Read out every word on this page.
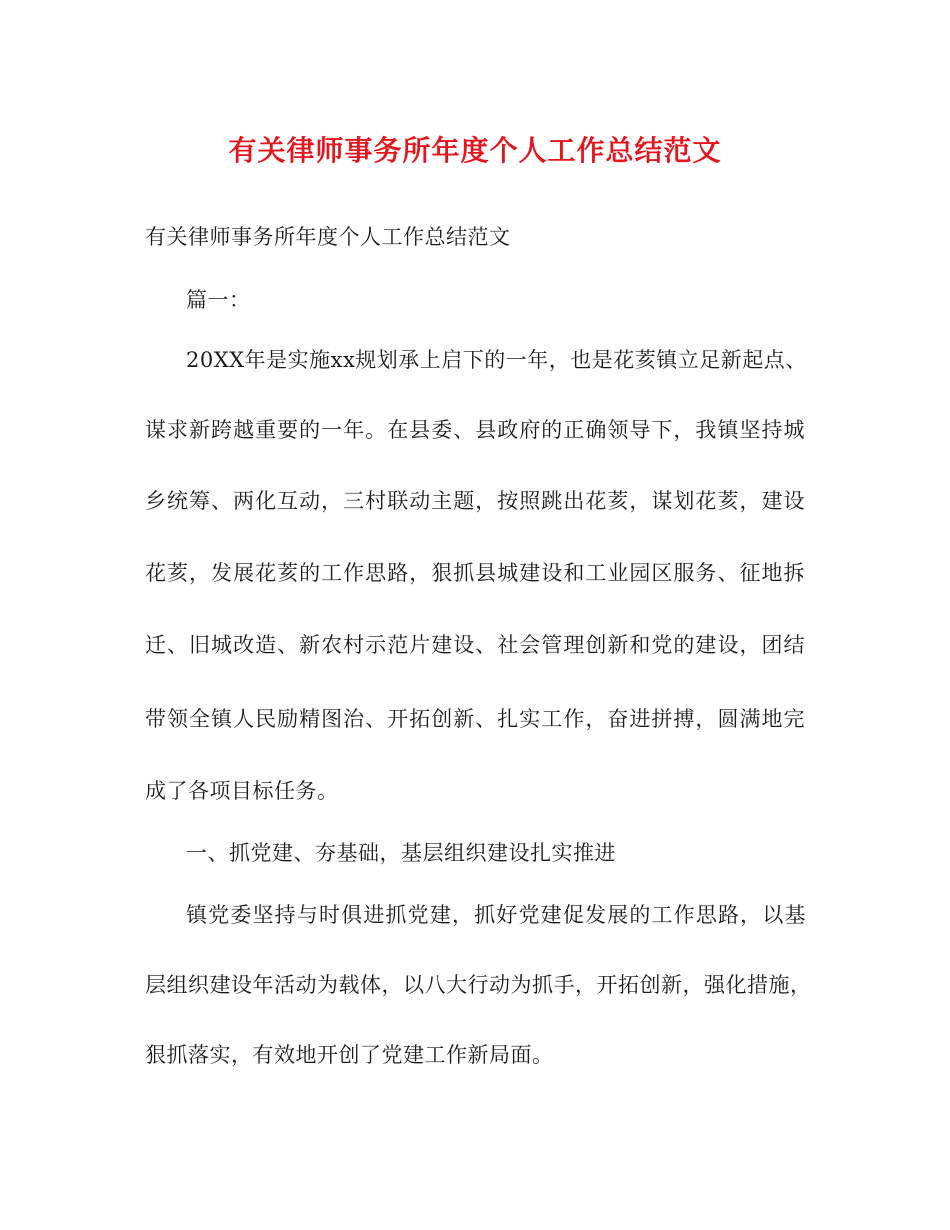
有关律师事务所年度个人工作总结范文
有关律师事务所年度个人工作总结范文
篇一：
20XX年是实施xx规划承上启下的一年，也是花荄镇立足新起点、
谋求新跨越重要的一年。在县委、县政府的正确领导下，我镇坚持城
乡统筹、两化互动，三村联动主题，按照跳出花荄，谋划花荄，建设
花荄，发展花荄的工作思路，狠抓县城建设和工业园区服务、征地拆
迁、旧城改造、新农村示范片建设、社会管理创新和党的建设，团结
带领全镇人民励精图治、开拓创新、扎实工作，奋进拼搏，圆满地完
成了各项目标任务。
一、抓党建、夯基础，基层组织建设扎实推进
镇党委坚持与时俱进抓党建，抓好党建促发展的工作思路，以基
层组织建设年活动为载体，以八大行动为抓手，开拓创新，强化措施，
狠抓落实，有效地开创了党建工作新局面。
